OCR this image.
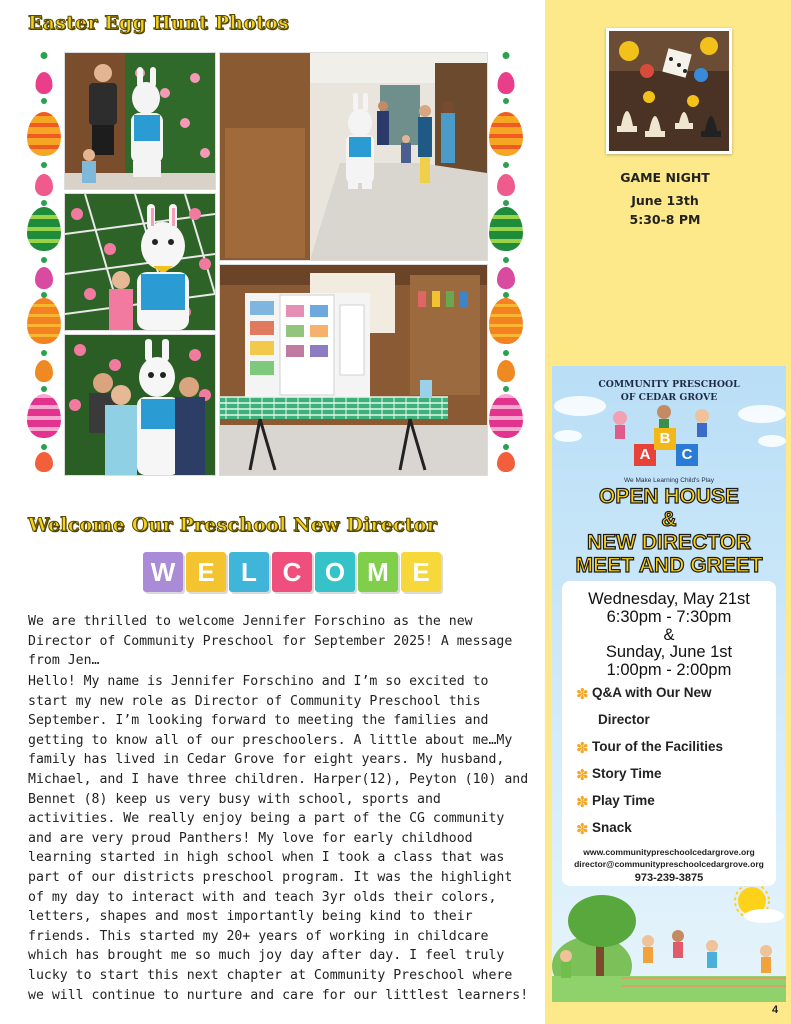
Easter Egg Hunt Photos
Welcome Our Preschool New Director
W E	L C O M E

We are thrilled to welcome Jennifer Forschino as the new Director of Community Preschool for September 2025! A message from Jen…

Hello! My name is Jennifer Forschino and I’m so excited to start my new role as Director of Community Preschool this September. I’m looking forward to meeting the families and getting to know all of our preschoolers. A little about me…My family has lived in Cedar Grove for eight years. My husband, Michael, and I have three children. Harper(12), Peyton (10) and Bennet (8) keep us very busy with school, sports and activities. We really enjoy being a part of the CG community and are very proud Panthers! My love for early childhood learning started in high school when I took a class that was part of our districts preschool program. It was the highlight of my day to interact with and teach 3yr olds their colors, letters, shapes and most importantly being kind to their friends. This started my 20+ years of working in childcare which has brought me so much joy day after day. I feel truly lucky to start this next chapter at Community Preschool where we will continue to nurture and care for our littlest learners!

GAME NIGHT
June 13th
5:30-8 PM
COMMUNITY PRESCHOOL
OF CEDAR GROVE
A
B
C
We Make Learning Child's Play
OPEN HOUSE
&
NEW DIRECTOR
MEET AND GREET
Wednesday, May 21st
6:30pm - 7:30pm
&
Sunday, June 1st
1:00pm - 2:00pm
✽ Q&A with Our New
Director
✽ Tour of the Facilities
✽ Story Time
✽ Play Time
✽ Snack
www.communitypreschoolcedargrove.org
director@communitypreschoolcedargrove.org
973-239-3875
4
